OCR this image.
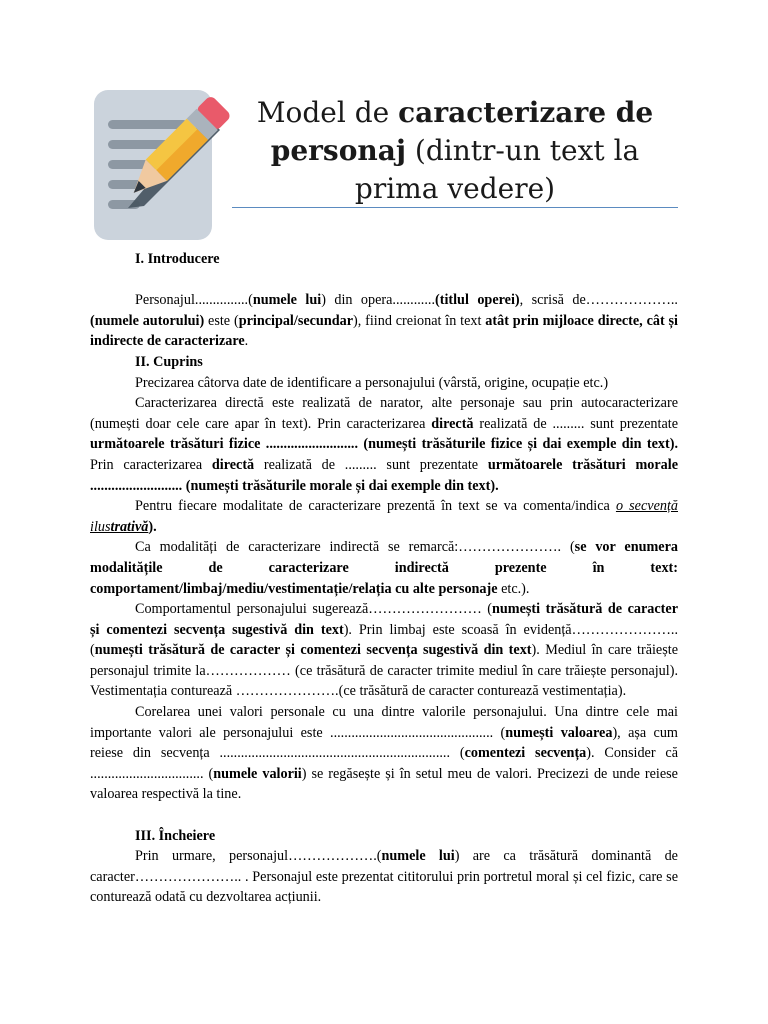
Model de caracterizare de personaj (dintr-un text la prima vedere)

I. Introducere

Personajul...............(numele lui) din opera............(titlul operei), scrisă de………………..(numele autorului) este (principal/secundar), fiind creionat în text atât prin mijloace directe, cât și indirecte de caracterizare.

II. Cuprins

Precizarea câtorva date de identificare a personajului (vârstă, origine, ocupație etc.)

Caracterizarea directă este realizată de narator, alte personaje sau prin autocaracterizare (numești doar cele care apar în text). Prin caracterizarea directă realizată de ......... sunt prezentate următoarele trăsături fizice .......................... (numești trăsăturile fizice și dai exemple din text). Prin caracterizarea directă realizată de ......... sunt prezentate următoarele trăsături morale .......................... (numești trăsăturile morale și dai exemple din text).

Pentru fiecare modalitate de caracterizare prezentă în text se va comenta/indica o secvență ilustrativă).

Ca modalități de caracterizare indirectă se remarcă:…………………. (se vor enumera modalitățile de caracterizare indirectă prezente în text: comportament/limbaj/mediu/vestimentație/relația cu alte personaje etc.).

Comportamentul personajului sugerează…………………… (numești trăsătură de caracter și comentezi secvența sugestivă din text). Prin limbaj este scoasă în evidență………………….. (numești trăsătură de caracter și comentezi secvența sugestivă din text). Mediul în care trăiește personajul trimite la……………… (ce trăsătură de caracter trimite mediul în care trăiește personajul). Vestimentația conturează ………………….(ce trăsătură de caracter conturează vestimentația).

Corelarea unei valori personale cu una dintre valorile personajului. Una dintre cele mai importante valori ale personajului este .............................................. (numești valoarea), așa cum reiese din secvența ................................................................. (comentezi secvența). Consider că ................................ (numele valorii) se regăsește și în setul meu de valori. Precizezi de unde reiese valoarea respectivă la tine.

III. Încheiere

Prin urmare, personajul……………….(numele lui) are ca trăsătură dominantă de caracter………………….. . Personajul este prezentat cititorului prin portretul moral și cel fizic, care se conturează odată cu dezvoltarea acțiunii.
